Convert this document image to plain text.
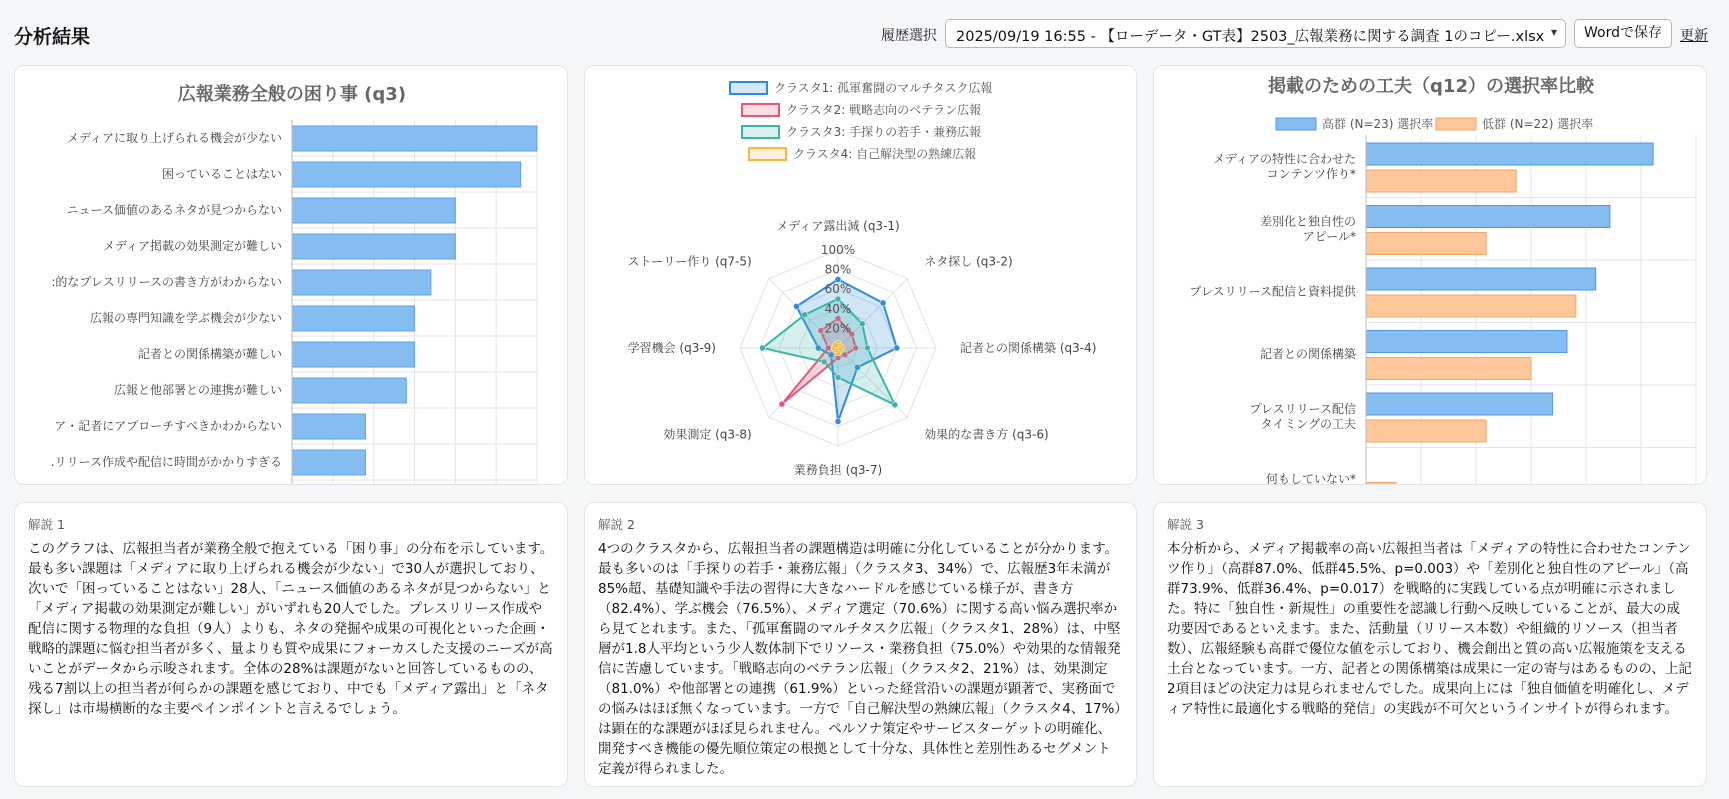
分析結果	履歴選択	2025/09/19 16:55 - 【ローデータ・GT表】2503_広報業務に関する調査 1のコピー.xlsx ▾	Wordで保存	更新
広報業務全般の困り事 (q3)
メディアに取り上げられる機会が少ない
困っていることはない
ニュース価値のあるネタが見つからない
メディア掲載の効果測定が難しい
:的なプレスリリースの書き方がわからない
広報の専門知識を学ぶ機会が少ない
記者との関係構築が難しい
広報と他部署との連携が難しい
ア・記者にアプローチすべきかわからない
.リリース作成や配信に時間がかかりすぎる
クラスタ1: 孤軍奮闘のマルチタスク広報
クラスタ2: 戦略志向のベテラン広報
クラスタ3: 手探りの若手・兼務広報
クラスタ4: 自己解決型の熟練広報
20%
40%
60%
80%
100%
メディア露出減 (q3-1)
ネタ探し (q3-2)
記者との関係構築 (q3-4)
効果的な書き方 (q3-6)
業務負担 (q3-7)
効果測定 (q3-8)
学習機会 (q3-9)
ストーリー作り (q7-5)
掲載のための工夫（q12）の選択率比較
高群 (N=23) 選択率	低群 (N=22) 選択率
メディアの特性に合わせた
コンテンツ作り*
差別化と独自性の
アピール*
プレスリリース配信と資料提供
記者との関係構築
プレスリリース配信
タイミングの工夫
何もしていない*
解説 1
このグラフは、広報担当者が業務全般で抱えている「困り事」の分布を示しています。最も多い課題は「メディアに取り上げられる機会が少ない」で30人が選択しており、次いで「困っていることはない」28人、「ニュース価値のあるネタが見つからない」と「メディア掲載の効果測定が難しい」がいずれも20人でした。プレスリリース作成や配信に関する物理的な負担（9人）よりも、ネタの発掘や成果の可視化といった企画・戦略的課題に悩む担当者が多く、量よりも質や成果にフォーカスした支援のニーズが高いことがデータから示唆されます。全体の28%は課題がないと回答しているものの、残る7割以上の担当者が何らかの課題を感じており、中でも「メディア露出」と「ネタ探し」は市場横断的な主要ペインポイントと言えるでしょう。
解説 2
4つのクラスタから、広報担当者の課題構造は明確に分化していることが分かります。最も多いのは「手探りの若手・兼務広報」（クラスタ3、34%）で、広報歴3年未満が85%超、基礎知識や手法の習得に大きなハードルを感じている様子が、書き方（82.4%）、学ぶ機会（76.5%）、メディア選定（70.6%）に関する高い悩み選択率から見てとれます。また、「孤軍奮闘のマルチタスク広報」（クラスタ1、28%）は、中堅層が1.8人平均という少人数体制下でリソース・業務負担（75.0%）や効果的な情報発信に苦慮しています。「戦略志向のベテラン広報」（クラスタ2、21%）は、効果測定（81.0%）や他部署との連携（61.9%）といった経営沿いの課題が顕著で、実務面での悩みはほぼ無くなっています。一方で「自己解決型の熟練広報」（クラスタ4、17%）は顕在的な課題がほぼ見られません。ペルソナ策定やサービスターゲットの明確化、開発すべき機能の優先順位策定の根拠として十分な、具体性と差別性あるセグメント定義が得られました。
解説 3
本分析から、メディア掲載率の高い広報担当者は「メディアの特性に合わせたコンテンツ作り」（高群87.0%、低群45.5%、p=0.003）や「差別化と独自性のアピール」（高群73.9%、低群36.4%、p=0.017）を戦略的に実践している点が明確に示されました。特に「独自性・新規性」の重要性を認識し行動へ反映していることが、最大の成功要因であるといえます。また、活動量（リリース本数）や組織的リソース（担当者数）、広報経験も高群で優位な値を示しており、機会創出と質の高い広報施策を支える土台となっています。一方、記者との関係構築は成果に一定の寄与はあるものの、上記2項目ほどの決定力は見られませんでした。成果向上には「独自価値を明確化し、メディア特性に最適化する戦略的発信」の実践が不可欠というインサイトが得られます。
